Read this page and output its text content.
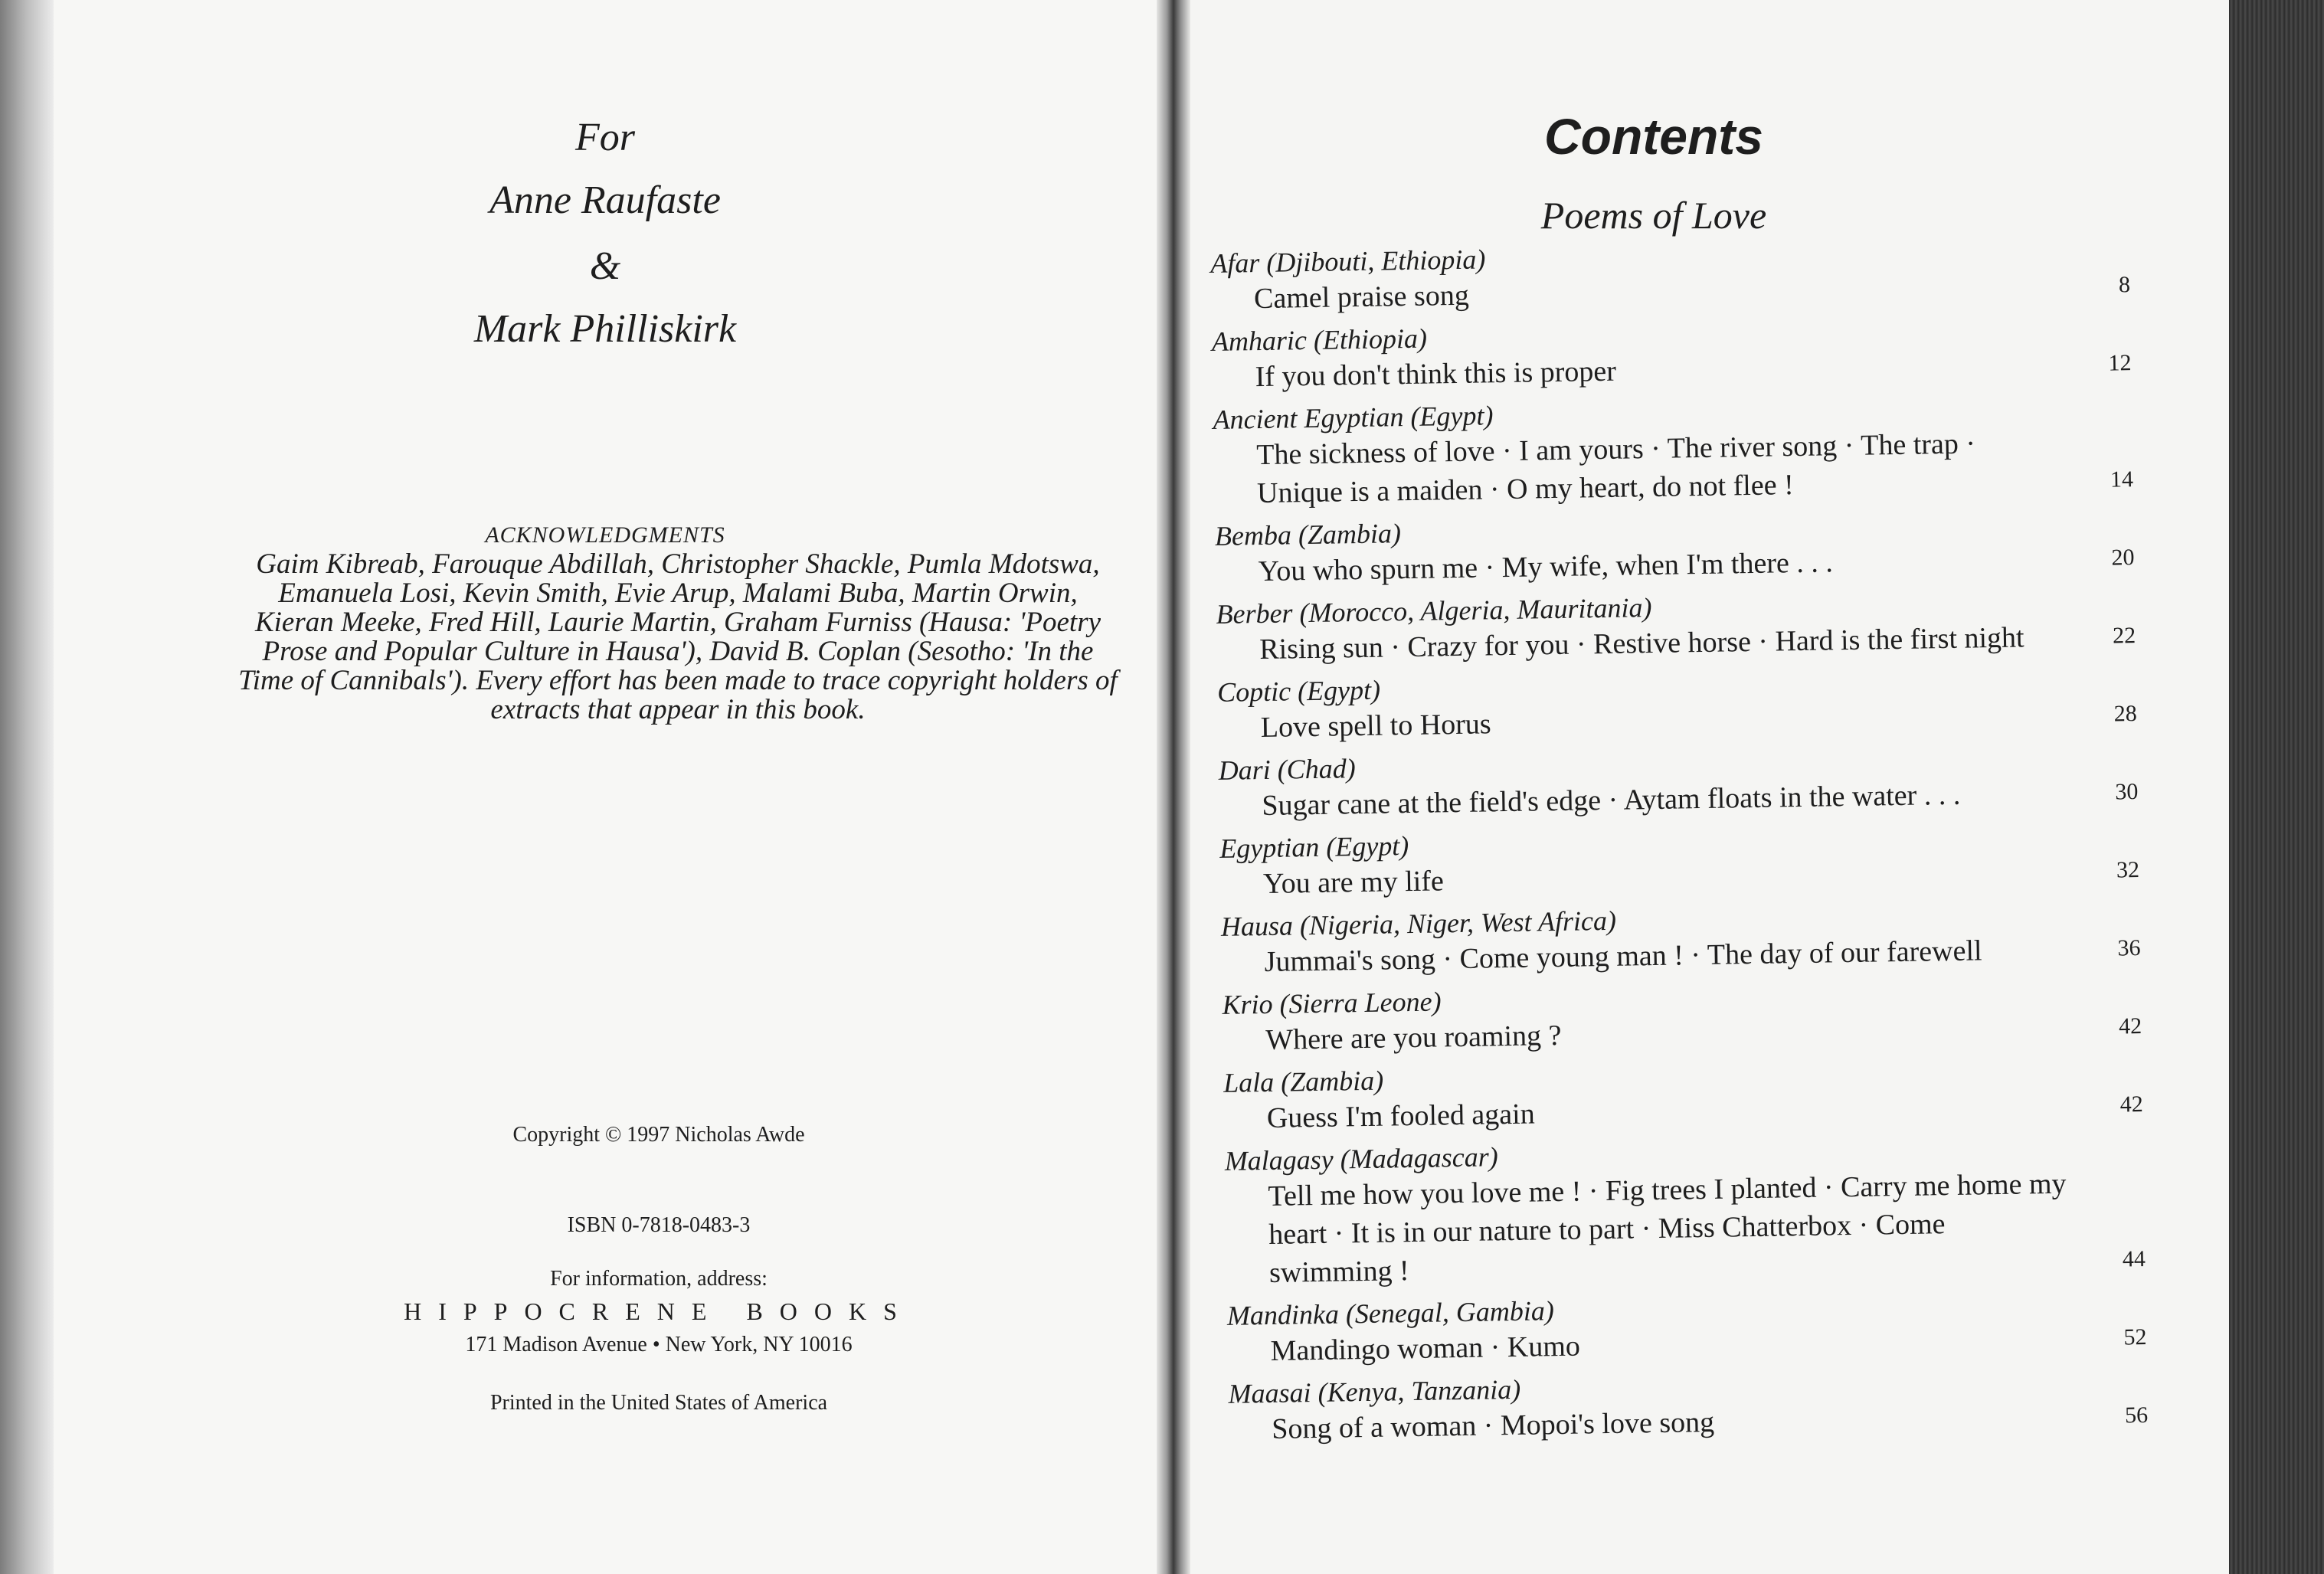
For
Anne Raufaste
&
Mark Philliskirk
ACKNOWLEDGMENTS
Gaim Kibreab, Farouque Abdillah, Christopher Shackle, Pumla Mdotswa, Emanuela Losi, Kevin Smith, Evie Arup, Malami Buba, Martin Orwin, Kieran Meeke, Fred Hill, Laurie Martin, Graham Furniss (Hausa: 'Poetry Prose and Popular Culture in Hausa'), David B. Coplan (Sesotho: 'In the Time of Cannibals'). Every effort has been made to trace copyright holders of extracts that appear in this book.
Copyright © 1997 Nicholas Awde
ISBN 0-7818-0483-3
For information, address:
HIPPOCRENE BOOKS
171 Madison Avenue • New York, NY 10016
Printed in the United States of America
Contents
Poems of Love
Afar (Djibouti, Ethiopia)
Camel praise song	8
Amharic (Ethiopia)
If you don't think this is proper	12
Ancient Egyptian (Egypt)
The sickness of love · I am yours · The river song · The trap · Unique is a maiden · O my heart, do not flee !	14
Bemba (Zambia)
You who spurn me · My wife, when I'm there . . .	20
Berber (Morocco, Algeria, Mauritania)
Rising sun · Crazy for you · Restive horse · Hard is the first night	22
Coptic (Egypt)
Love spell to Horus	28
Dari (Chad)
Sugar cane at the field's edge · Aytam floats in the water . . .	30
Egyptian (Egypt)
You are my life	32
Hausa (Nigeria, Niger, West Africa)
Jummai's song · Come young man ! · The day of our farewell	36
Krio (Sierra Leone)
Where are you roaming ?	42
Lala (Zambia)
Guess I'm fooled again	42
Malagasy (Madagascar)
Tell me how you love me ! · Fig trees I planted · Carry me home my heart · It is in our nature to part · Miss Chatterbox · Come swimming !	44
Mandinka (Senegal, Gambia)
Mandingo woman · Kumo	52
Maasai (Kenya, Tanzania)
Song of a woman · Mopoi's love song	56
